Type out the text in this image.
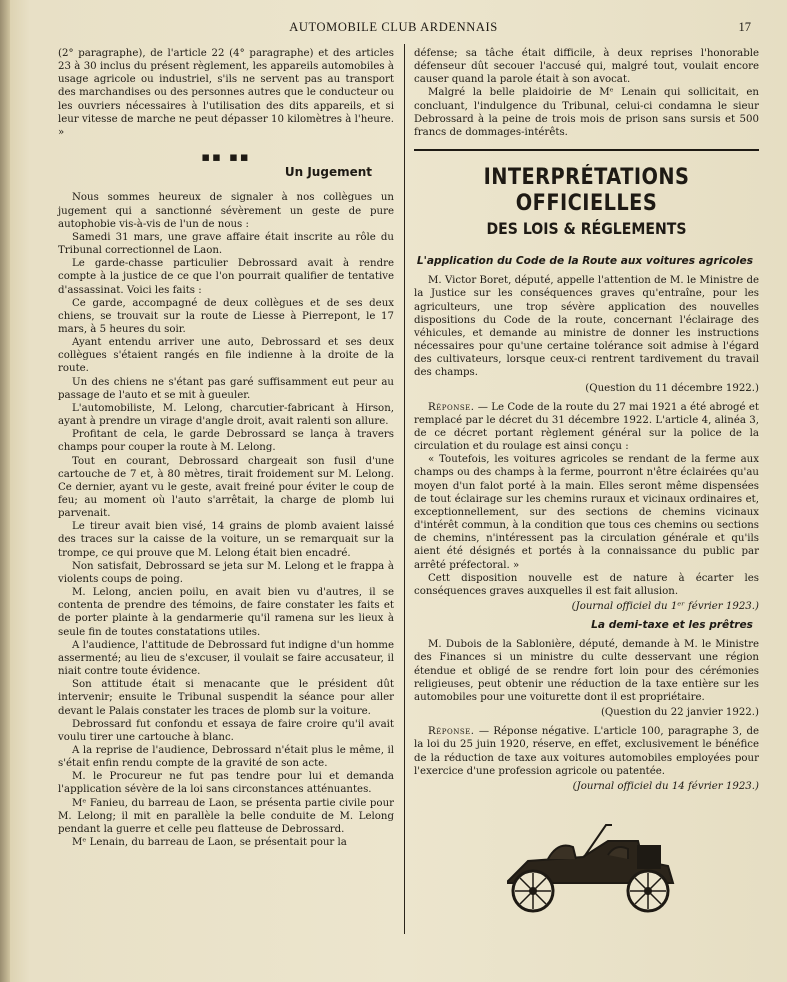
AUTOMOBILE CLUB ARDENNAIS	17

(2° paragraphe), de l'article 22 (4° paragraphe) et des articles 23 à 30 inclus du présent règlement, les appareils automobiles à usage agricole ou industriel, s'ils ne servent pas au transport des marchandises ou des personnes autres que le conducteur ou les ouvriers nécessaires à l'utilisation des dits appareils, et si leur vitesse de marche ne peut dépasser 10 kilomètres à l'heure. »

▪▪ ▪▪
Un Jugement

Nous sommes heureux de signaler à nos collègues un jugement qui a sanctionné sévèrement un geste de pure autophobie vis-à-vis de l'un de nous :

Samedi 31 mars, une grave affaire était inscrite au rôle du Tribunal correctionnel de Laon.

Le garde-chasse particulier Debrossard avait à rendre compte à la justice de ce que l'on pourrait qualifier de tentative d'assassinat. Voici les faits :

Ce garde, accompagné de deux collègues et de ses deux chiens, se trouvait sur la route de Liesse à Pierrepont, le 17 mars, à 5 heures du soir.

Ayant entendu arriver une auto, Debrossard et ses deux collègues s'étaient rangés en file indienne à la droite de la route.

Un des chiens ne s'étant pas garé suffisamment eut peur au passage de l'auto et se mit à gueuler.

L'automobiliste, M. Lelong, charcutier-fabricant à Hirson, ayant à prendre un virage d'angle droit, avait ralenti son allure.

Profitant de cela, le garde Debrossard se lança à travers champs pour couper la route à M. Lelong.

Tout en courant, Debrossard chargeait son fusil d'une cartouche de 7 et, à 80 mètres, tirait froidement sur M. Lelong. Ce dernier, ayant vu le geste, avait freiné pour éviter le coup de feu; au moment où l'auto s'arrêtait, la charge de plomb lui parvenait.

Le tireur avait bien visé, 14 grains de plomb avaient laissé des traces sur la caisse de la voiture, un se remarquait sur la trompe, ce qui prouve que M. Lelong était bien encadré.

Non satisfait, Debrossard se jeta sur M. Lelong et le frappa à violents coups de poing.

M. Lelong, ancien poilu, en avait bien vu d'autres, il se contenta de prendre des témoins, de faire constater les faits et de porter plainte à la gendarmerie qu'il ramena sur les lieux à seule fin de toutes constatations utiles.

A l'audience, l'attitude de Debrossard fut indigne d'un homme assermenté; au lieu de s'excuser, il voulait se faire accusateur, il niait contre toute évidence.

Son attitude était si menacante que le président dût intervenir; ensuite le Tribunal suspendit la séance pour aller devant le Palais constater les traces de plomb sur la voiture.

Debrossard fut confondu et essaya de faire croire qu'il avait voulu tirer une cartouche à blanc.

A la reprise de l'audience, Debrossard n'était plus le même, il s'était enfin rendu compte de la gravité de son acte.

M. le Procureur ne fut pas tendre pour lui et demanda l'application sévère de la loi sans circonstances atténuantes.

Mᵉ Fanieu, du barreau de Laon, se présenta partie civile pour M. Lelong; il mit en parallèle la belle conduite de M. Lelong pendant la guerre et celle peu flatteuse de Debrossard.

Mᵉ Lenain, du barreau de Laon, se présentait pour la

défense; sa tâche était difficile, à deux reprises l'honorable défenseur dût secouer l'accusé qui, malgré tout, voulait encore causer quand la parole était à son avocat.

Malgré la belle plaidoirie de Mᵉ Lenain qui sollicitait, en concluant, l'indulgence du Tribunal, celui-ci condamna le sieur Debrossard à la peine de trois mois de prison sans sursis et 500 francs de dommages-intérêts.

INTERPRÉTATIONS OFFICIELLES
DES LOIS & RÉGLEMENTS
L'application du Code de la Route aux voitures agricoles

M. Victor Boret, député, appelle l'attention de M. le Ministre de la Justice sur les conséquences graves qu'entraîne, pour les agriculteurs, une trop sévère application des nouvelles dispositions du Code de la route, concernant l'éclairage des véhicules, et demande au ministre de donner les instructions nécessaires pour qu'une certaine tolérance soit admise à l'égard des cultivateurs, lorsque ceux-ci rentrent tardivement du travail des champs.

(Question du 11 décembre 1922.)

Réponse. — Le Code de la route du 27 mai 1921 a été abrogé et remplacé par le décret du 31 décembre 1922. L'article 4, alinéa 3, de ce décret portant règlement général sur la police de la circulation et du roulage est ainsi conçu :

« Toutefois, les voitures agricoles se rendant de la ferme aux champs ou des champs à la ferme, pourront n'être éclairées qu'au moyen d'un falot porté à la main. Elles seront même dispensées de tout éclairage sur les chemins ruraux et vicinaux ordinaires et, exceptionnellement, sur des sections de chemins vicinaux d'intérêt commun, à la condition que tous ces chemins ou sections de chemins, n'intéressent pas la circulation générale et qu'ils aient été désignés et portés à la connaissance du public par arrêté préfectoral. »

Cett disposition nouvelle est de nature à écarter les conséquences graves auxquelles il est fait allusion.

(Journal officiel du 1ᵉʳ février 1923.)
La demi-taxe et les prêtres

M. Dubois de la Sablonière, député, demande à M. le Ministre des Finances si un ministre du culte desservant une région étendue et obligé de se rendre fort loin pour des cérémonies religieuses, peut obtenir une réduction de la taxe entière sur les automobiles pour une voiturette dont il est propriétaire.

(Question du 22 janvier 1922.)

Réponse. — Réponse négative. L'article 100, paragraphe 3, de la loi du 25 juin 1920, réserve, en effet, exclusivement le bénéfice de la réduction de taxe aux voitures automobiles employées pour l'exercice d'une profession agricole ou patentée.

(Journal officiel du 14 février 1923.)
